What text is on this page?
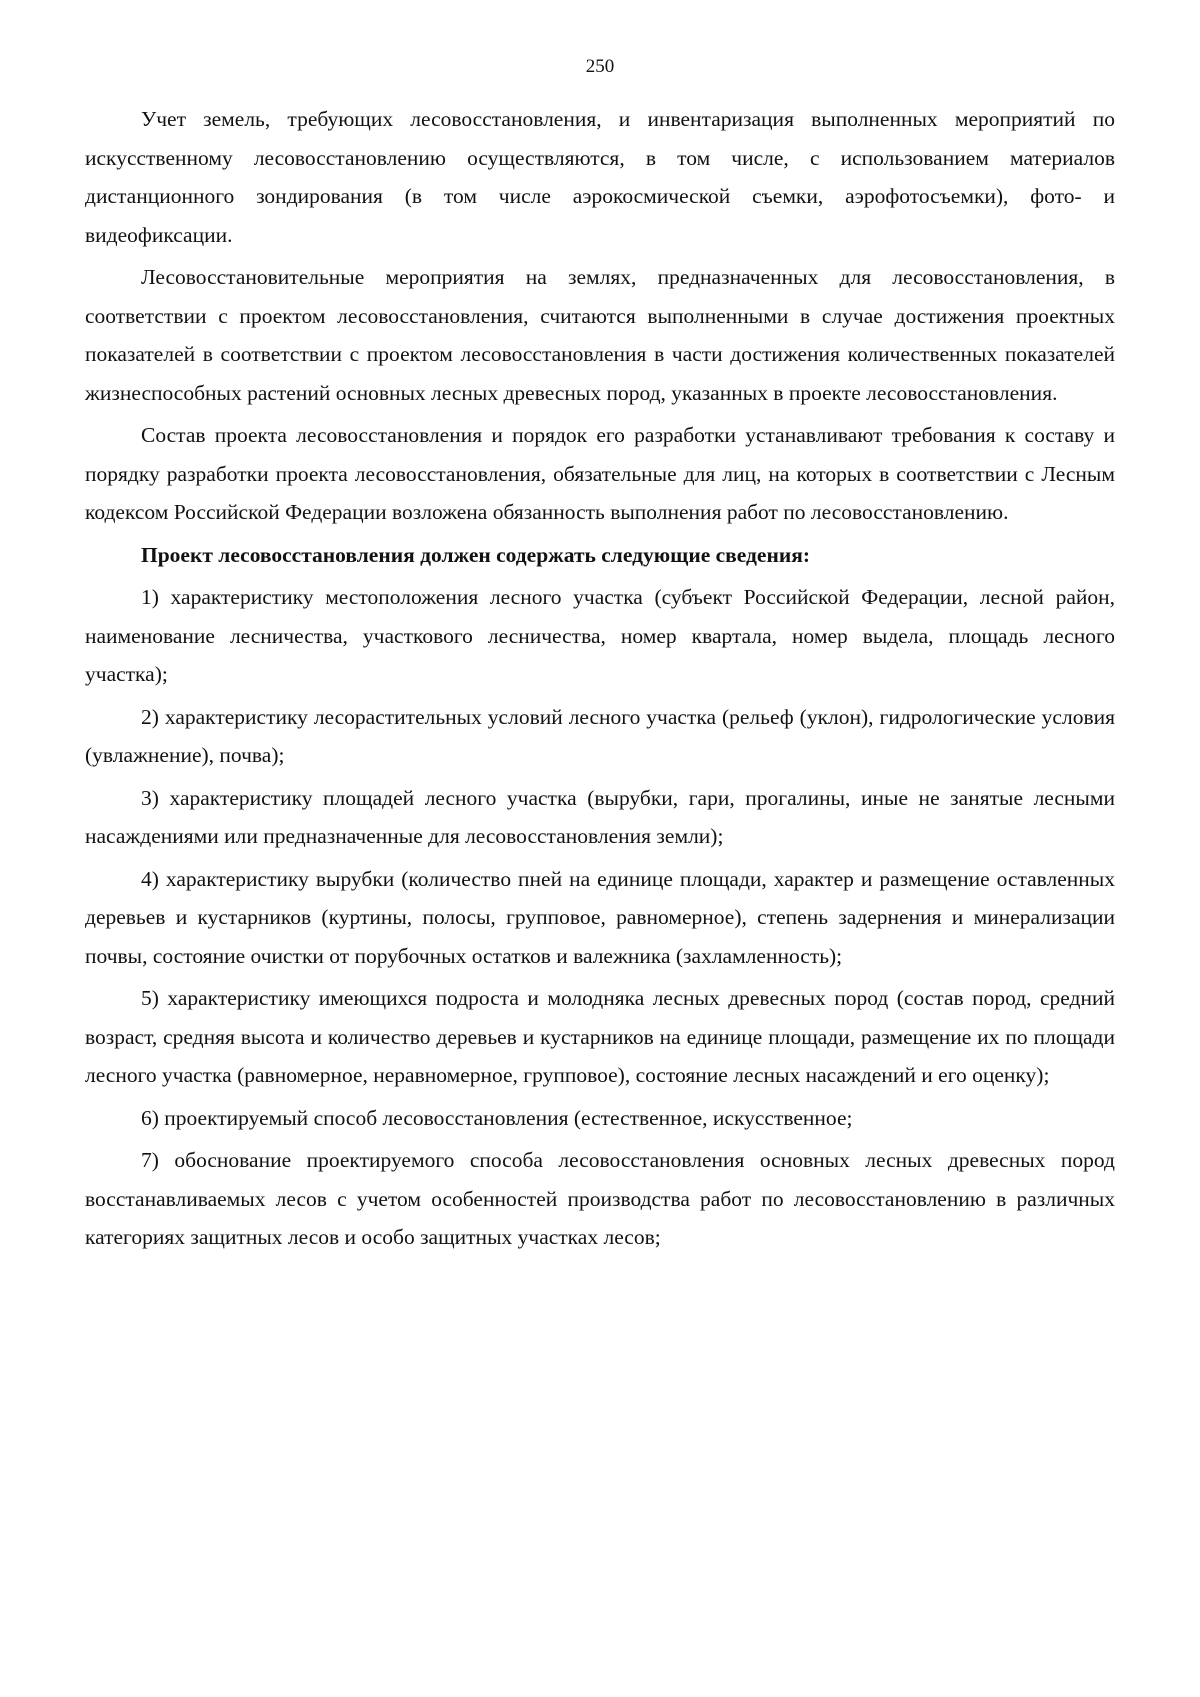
250

Учет земель, требующих лесовосстановления, и инвентаризация выполненных мероприятий по искусственному лесовосстановлению осуществляются, в том числе, с использованием материалов дистанционного зондирования (в том числе аэрокосмической съемки, аэрофотосъемки), фото- и видеофиксации.

Лесовосстановительные мероприятия на землях, предназначенных для лесовосстановления, в соответствии с проектом лесовосстановления, считаются выполненными в случае достижения проектных показателей в соответствии с проектом лесовосстановления в части достижения количественных показателей жизнеспособных растений основных лесных древесных пород, указанных в проекте лесовосстановления.

Состав проекта лесовосстановления и порядок его разработки устанавливают требования к составу и порядку разработки проекта лесовосстановления, обязательные для лиц, на которых в соответствии с Лесным кодексом Российской Федерации возложена обязанность выполнения работ по лесовосстановлению.

Проект лесовосстановления должен содержать следующие сведения:

1) характеристику местоположения лесного участка (субъект Российской Федерации, лесной район, наименование лесничества, участкового лесничества, номер квартала, номер выдела, площадь лесного участка);

2) характеристику лесорастительных условий лесного участка (рельеф (уклон), гидрологические условия (увлажнение), почва);

3) характеристику площадей лесного участка (вырубки, гари, прогалины, иные не занятые лесными насаждениями или предназначенные для лесовосстановления земли);

4) характеристику вырубки (количество пней на единице площади, характер и размещение оставленных деревьев и кустарников (куртины, полосы, групповое, равномерное), степень задернения и минерализации почвы, состояние очистки от порубочных остатков и валежника (захламленность);

5) характеристику имеющихся подроста и молодняка лесных древесных пород (состав пород, средний возраст, средняя высота и количество деревьев и кустарников на единице площади, размещение их по площади лесного участка (равномерное, неравномерное, групповое), состояние лесных насаждений и его оценку);

6) проектируемый способ лесовосстановления (естественное, искусственное;

7) обоснование проектируемого способа лесовосстановления основных лесных древесных пород восстанавливаемых лесов с учетом особенностей производства работ по лесовосстановлению в различных категориях защитных лесов и особо защитных участках лесов;
